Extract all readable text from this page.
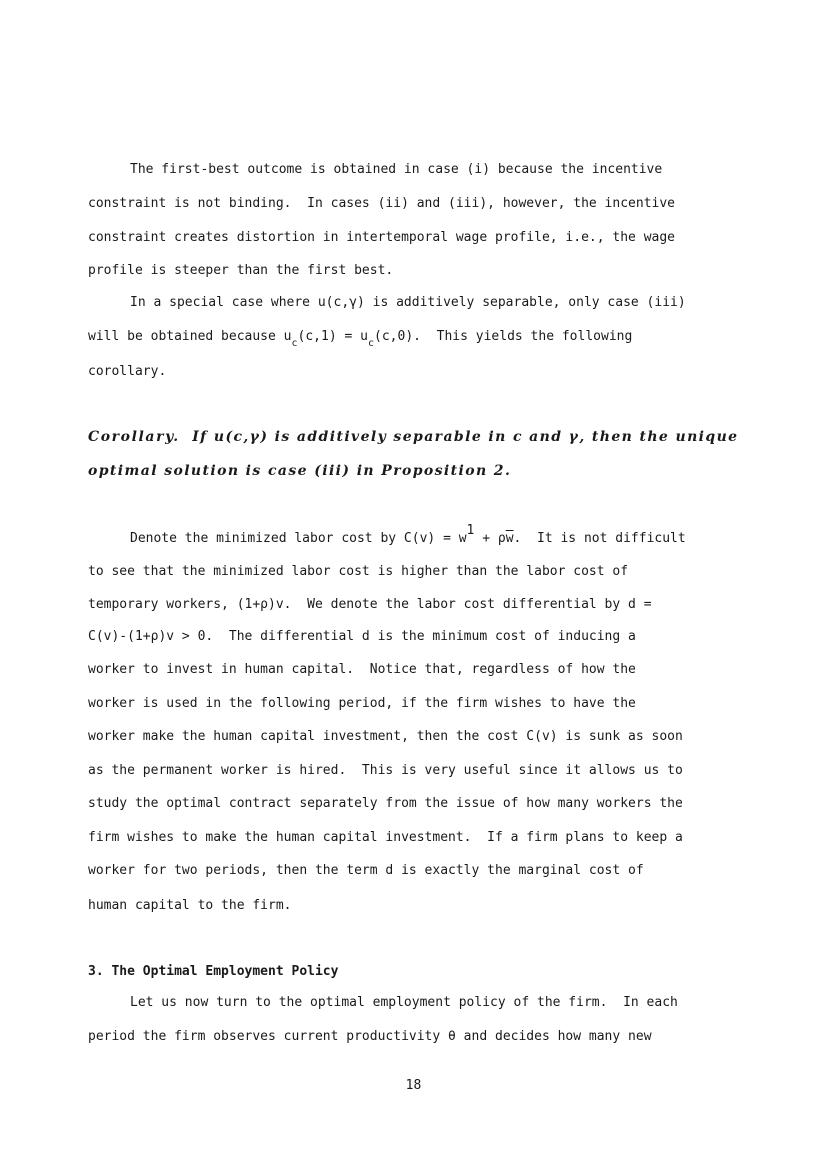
The first-best outcome is obtained in case (i) because the incentive
constraint is not binding.  In cases (ii) and (iii), however, the incentive
constraint creates distortion in intertemporal wage profile, i.e., the wage
profile is steeper than the first best.
In a special case where u(c,γ) is additively separable, only case (iii)
will be obtained because $u_c(c,1) = u_c(c,0)$.  This yields the following
corollary.
Corollary.  If u(c,γ) is additively separable in c and γ, then the unique
optimal solution is case (iii) in Proposition 2.
Denote the minimized labor cost by $C(v) = w^1 + \rho\overline{w}$.  It is not difficult
to see that the minimized labor cost is higher than the labor cost of
temporary workers, (1+ρ)v.  We denote the labor cost differential by d =
C(v)-(1+ρ)v > 0.  The differential d is the minimum cost of inducing a
worker to invest in human capital.  Notice that, regardless of how the
worker is used in the following period, if the firm wishes to have the
worker make the human capital investment, then the cost C(v) is sunk as soon
as the permanent worker is hired.  This is very useful since it allows us to
study the optimal contract separately from the issue of how many workers the
firm wishes to make the human capital investment.  If a firm plans to keep a
worker for two periods, then the term d is exactly the marginal cost of
human capital to the firm.
3. The Optimal Employment Policy
Let us now turn to the optimal employment policy of the firm.  In each
period the firm observes current productivity θ and decides how many new
18
